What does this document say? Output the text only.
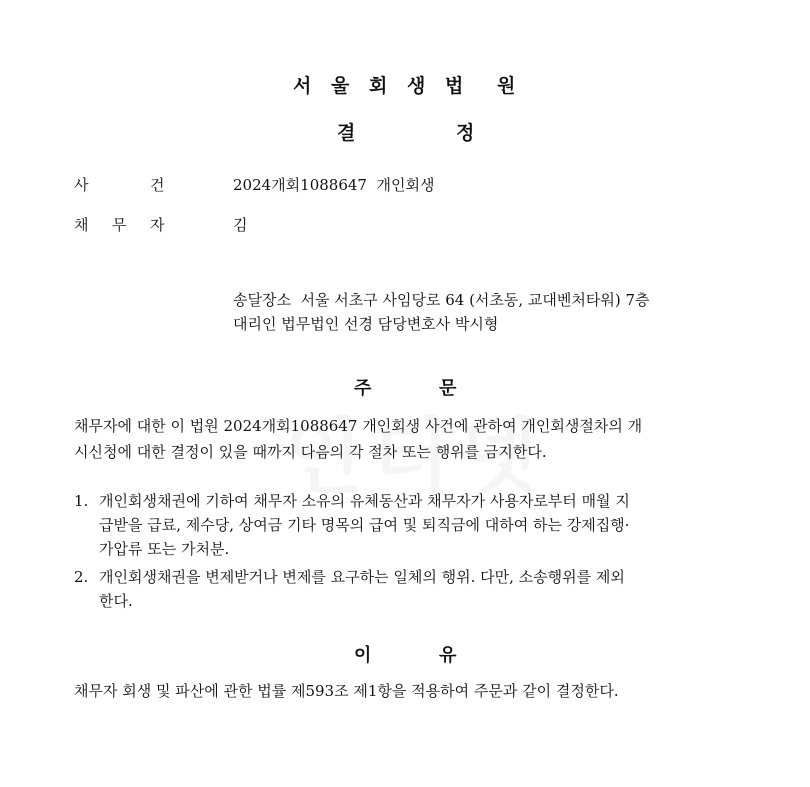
서 울 회 생 법 원
결	정
사	건	2024개회1088647  개인회생
채 무 자	김
송달장소  서울 서초구 사임당로 64 (서초동, 교대벤처타워) 7층
대리인 법무법인 선경 담당변호사 박시형
주	문
채무자에 대한 이 법원 2024개회1088647 개인회생 사건에 관하여 개인회생절차의 개
시신청에 대한 결정이 있을 때까지 다음의 각 절차 또는 행위를 금지한다.
1. 개인회생채권에 기하여 채무자 소유의 유체동산과 채무자가 사용자로부터 매월 지
급받을 급료, 제수당, 상여금 기타 명목의 급여 및 퇴직금에 대하여 하는 강제집행·
가압류 또는 가처분.
2. 개인회생채권을 변제받거나 변제를 요구하는 일체의 행위. 다만, 소송행위를 제외
한다.
이	유
채무자 회생 및 파산에 관한 법률 제593조 제1항을 적용하여 주문과 같이 결정한다.
